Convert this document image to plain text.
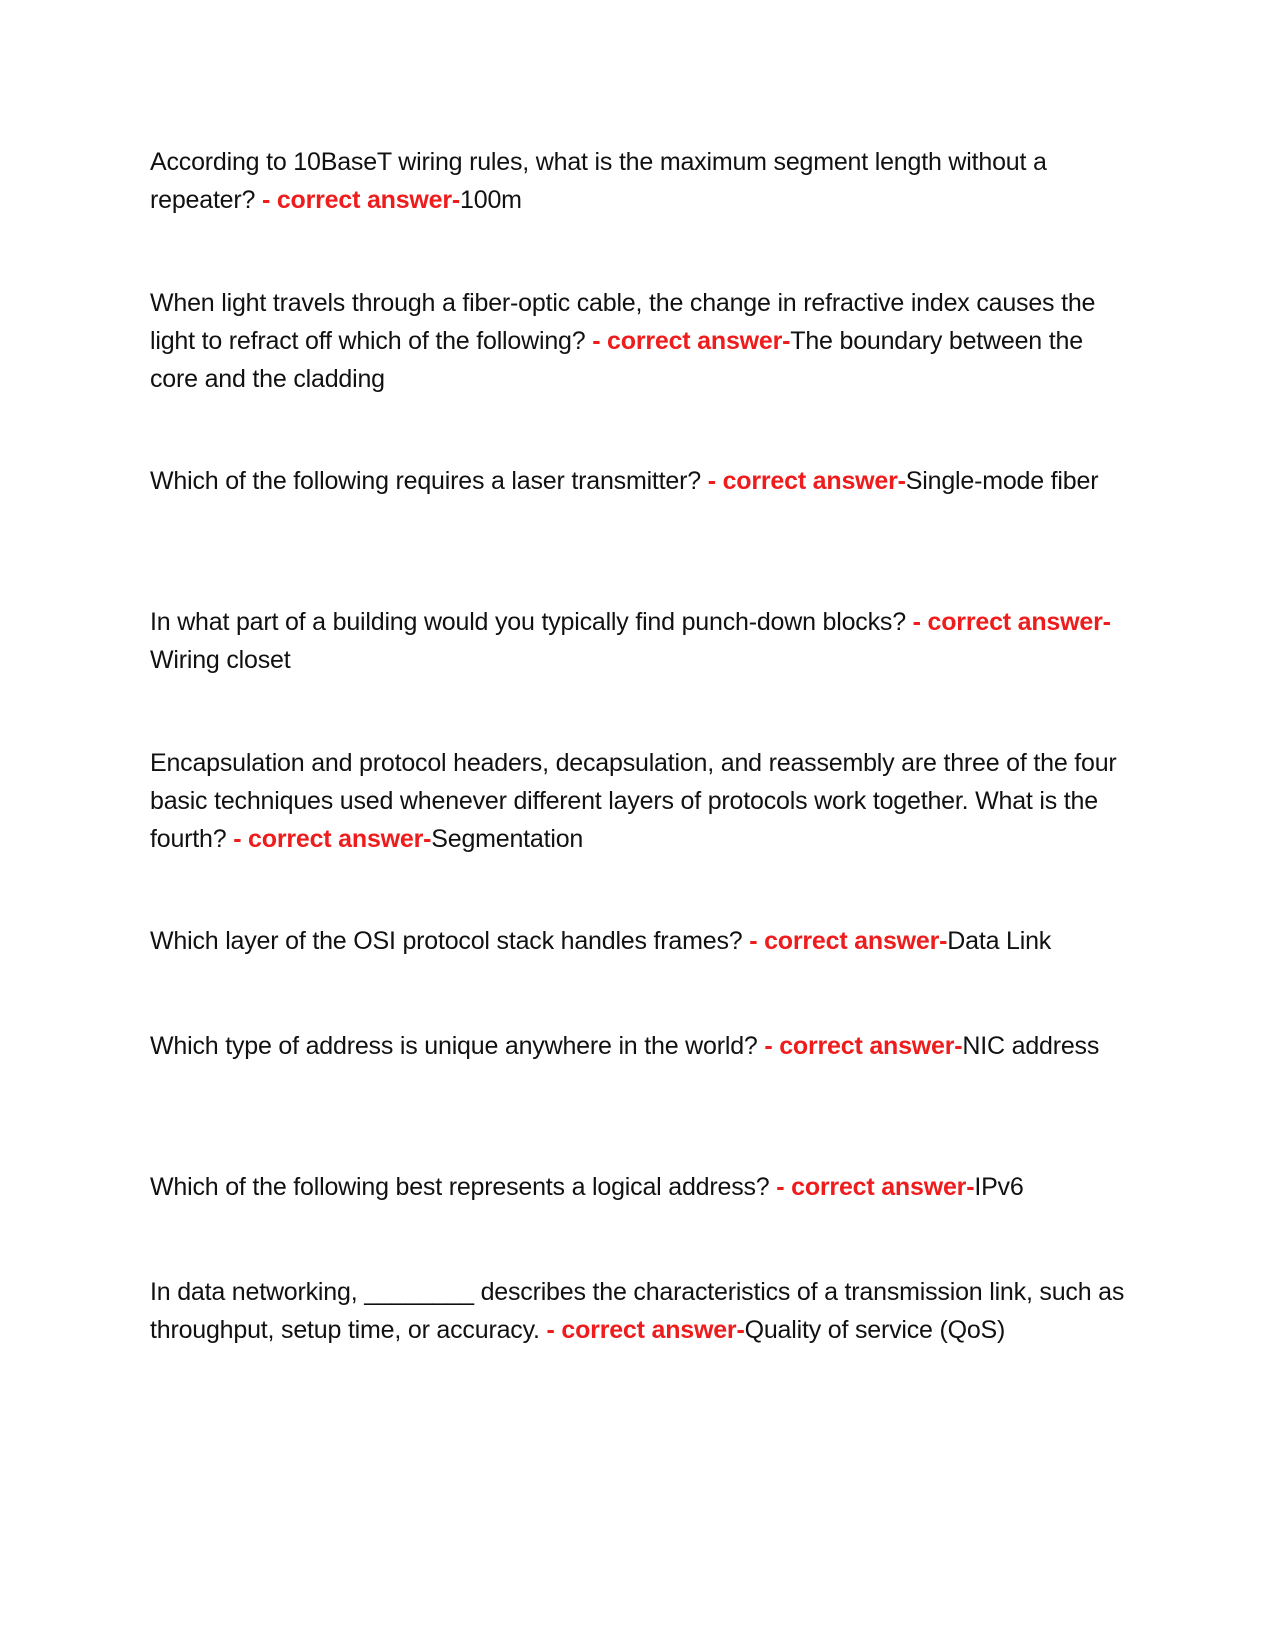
According to 10BaseT wiring rules, what is the maximum segment length without a repeater? - correct answer-100m

When light travels through a fiber-optic cable, the change in refractive index causes the light to refract off which of the following? - correct answer-The boundary between the core and the cladding

Which of the following requires a laser transmitter? - correct answer-Single-mode fiber

In what part of a building would you typically find punch-down blocks? - correct answer-Wiring closet

Encapsulation and protocol headers, decapsulation, and reassembly are three of the four basic techniques used whenever different layers of protocols work together. What is the fourth? - correct answer-Segmentation

Which layer of the OSI protocol stack handles frames? - correct answer-Data Link

Which type of address is unique anywhere in the world? - correct answer-NIC address

Which of the following best represents a logical address? - correct answer-IPv6

In data networking, ________ describes the characteristics of a transmission link, such as throughput, setup time, or accuracy. - correct answer-Quality of service (QoS)
